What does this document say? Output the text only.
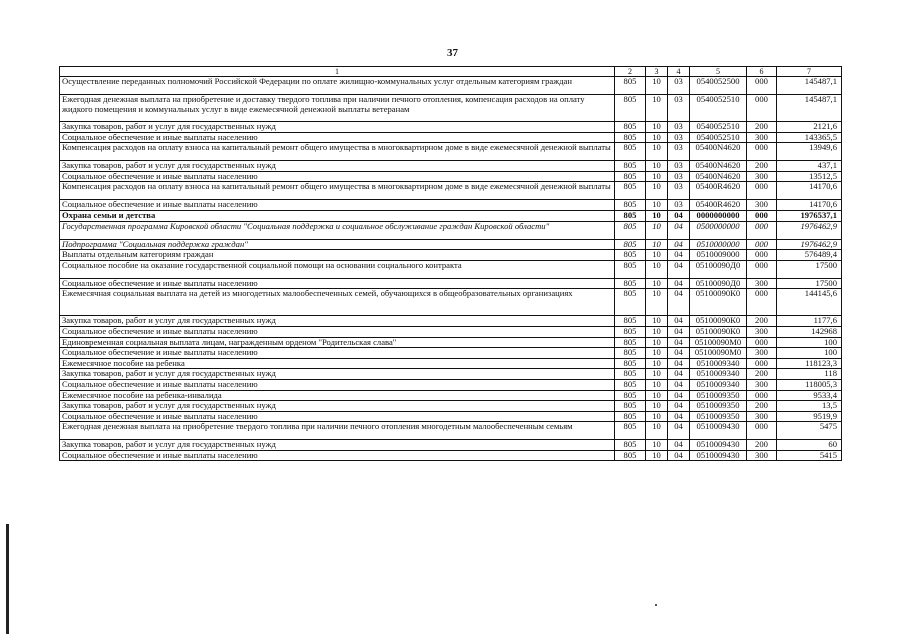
37
1	2	3	4	5	6	7
Осуществление переданных полномочий Российской Федерации по оплате жилищно-коммунальных услуг отдельным категориям граждан	805	10	03	0540052500	000	145487,1
Ежегодная денежная выплата на приобретение и доставку твердого топлива при наличии печного отопления, компенсация расходов на оплату жидкого помещения и коммунальных услуг в виде ежемесячной денежной выплаты ветеранам	805	10	03	0540052510	000	145487,1
Закупка товаров, работ и услуг для государственных нужд	805	10	03	0540052510	200	2121,6
Социальное обеспечение и иные выплаты населению	805	10	03	0540052510	300	143365,5
Компенсация расходов на оплату взноса на капитальный ремонт общего имущества в многоквартирном доме в виде ежемесячной денежной выплаты	805	10	03	05400N4620	000	13949,6
Закупка товаров, работ и услуг для государственных нужд	805	10	03	05400N4620	200	437,1
Социальное обеспечение и иные выплаты населению	805	10	03	05400N4620	300	13512,5
Компенсация расходов на оплату взноса на капитальный ремонт общего имущества в многоквартирном доме в виде ежемесячной денежной выплаты	805	10	03	05400R4620	000	14170,6
Социальное обеспечение и иные выплаты населению	805	10	03	05400R4620	300	14170,6
Охрана семьи и детства	805	10	04	0000000000	000	1976537,1
Государственная программа Кировской области "Социальная поддержка и социальное обслуживание граждан Кировской области"	805	10	04	0500000000	000	1976462,9
Подпрограмма "Социальная поддержка граждан"	805	10	04	0510000000	000	1976462,9
Выплаты отдельным категориям граждан	805	10	04	0510009000	000	576489,4
Социальное пособие на оказание государственной социальной помощи на основании социального контракта	805	10	04	05100090Д0	000	17500
Социальное обеспечение и иные выплаты населению	805	10	04	05100090Д0	300	17500
Ежемесячная социальная выплата на детей из многодетных малообеспеченных семей, обучающихся в общеобразовательных организациях	805	10	04	05100090К0	000	144145,6
Закупка товаров, работ и услуг для государственных нужд	805	10	04	05100090К0	200	1177,6
Социальное обеспечение и иные выплаты населению	805	10	04	05100090К0	300	142968
Единовременная социальная выплата лицам, награжденным орденом "Родительская слава"	805	10	04	05100090М0	000	100
Социальное обеспечение и иные выплаты населению	805	10	04	05100090М0	300	100
Ежемесячное пособие на ребенка	805	10	04	0510009340	000	118123,3
Закупка товаров, работ и услуг для государственных нужд	805	10	04	0510009340	200	118
Социальное обеспечение и иные выплаты населению	805	10	04	0510009340	300	118005,3
Ежемесячное пособие на ребенка-инвалида	805	10	04	0510009350	000	9533,4
Закупка товаров, работ и услуг для государственных нужд	805	10	04	0510009350	200	13,5
Социальное обеспечение и иные выплаты населению	805	10	04	0510009350	300	9519,9
Ежегодная денежная выплата на приобретение твердого топлива при наличии печного отопления многодетным малообеспеченным семьям	805	10	04	0510009430	000	5475
Закупка товаров, работ и услуг для государственных нужд	805	10	04	0510009430	200	60
Социальное обеспечение и иные выплаты населению	805	10	04	0510009430	300	5415
